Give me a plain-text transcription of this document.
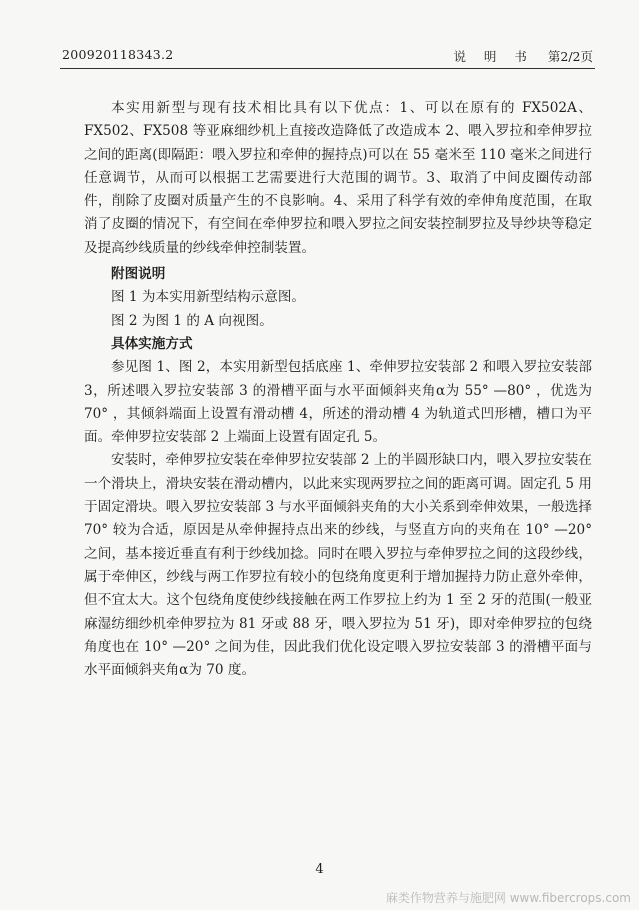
200920118343.2	说 明 书 第2/2页

本实用新型与现有技术相比具有以下优点：1、可以在原有的 FX502A、FX502、FX508 等亚麻细纱机上直接改造降低了改造成本 2、喂入罗拉和牵伸罗拉之间的距离(即隔距：喂入罗拉和牵伸的握持点)可以在 55 毫米至 110 毫米之间进行任意调节，从而可以根据工艺需要进行大范围的调节。3、取消了中间皮圈传动部件，削除了皮圈对质量产生的不良影响。4、采用了科学有效的牵伸角度范围，在取消了皮圈的情况下，有空间在牵伸罗拉和喂入罗拉之间安装控制罗拉及导纱块等稳定及提高纱线质量的纱线牵伸控制装置。

附图说明

图 1 为本实用新型结构示意图。

图 2 为图 1 的 A 向视图。

具体实施方式

参见图 1、图 2，本实用新型包括底座 1、牵伸罗拉安装部 2 和喂入罗拉安装部 3，所述喂入罗拉安装部 3 的滑槽平面与水平面倾斜夹角α为 55° —80° ，优选为 70° ，其倾斜端面上设置有滑动槽 4，所述的滑动槽 4 为轨道式凹形槽，槽口为平面。牵伸罗拉安装部 2 上端面上设置有固定孔 5。

安装时，牵伸罗拉安装在牵伸罗拉安装部 2 上的半圆形缺口内，喂入罗拉安装在一个滑块上，滑块安装在滑动槽内，以此来实现两罗拉之间的距离可调。固定孔 5 用于固定滑块。喂入罗拉安装部 3 与水平面倾斜夹角的大小关系到牵伸效果，一般选择 70° 较为合适，原因是从牵伸握持点出来的纱线，与竖直方向的夹角在 10° —20° 之间，基本接近垂直有利于纱线加捻。同时在喂入罗拉与牵伸罗拉之间的这段纱线，属于牵伸区，纱线与两工作罗拉有较小的包绕角度更利于增加握持力防止意外牵伸，但不宜太大。这个包绕角度使纱线接触在两工作罗拉上约为 1 至 2 牙的范围(一般亚麻湿纺细纱机牵伸罗拉为 81 牙或 88 牙，喂入罗拉为 51 牙)，即对牵伸罗拉的包绕角度也在 10° —20° 之间为佳，因此我们优化设定喂入罗拉安装部 3 的滑槽平面与水平面倾斜夹角α为 70 度。

4
麻类作物营养与施肥网 www.fibercrops.com
